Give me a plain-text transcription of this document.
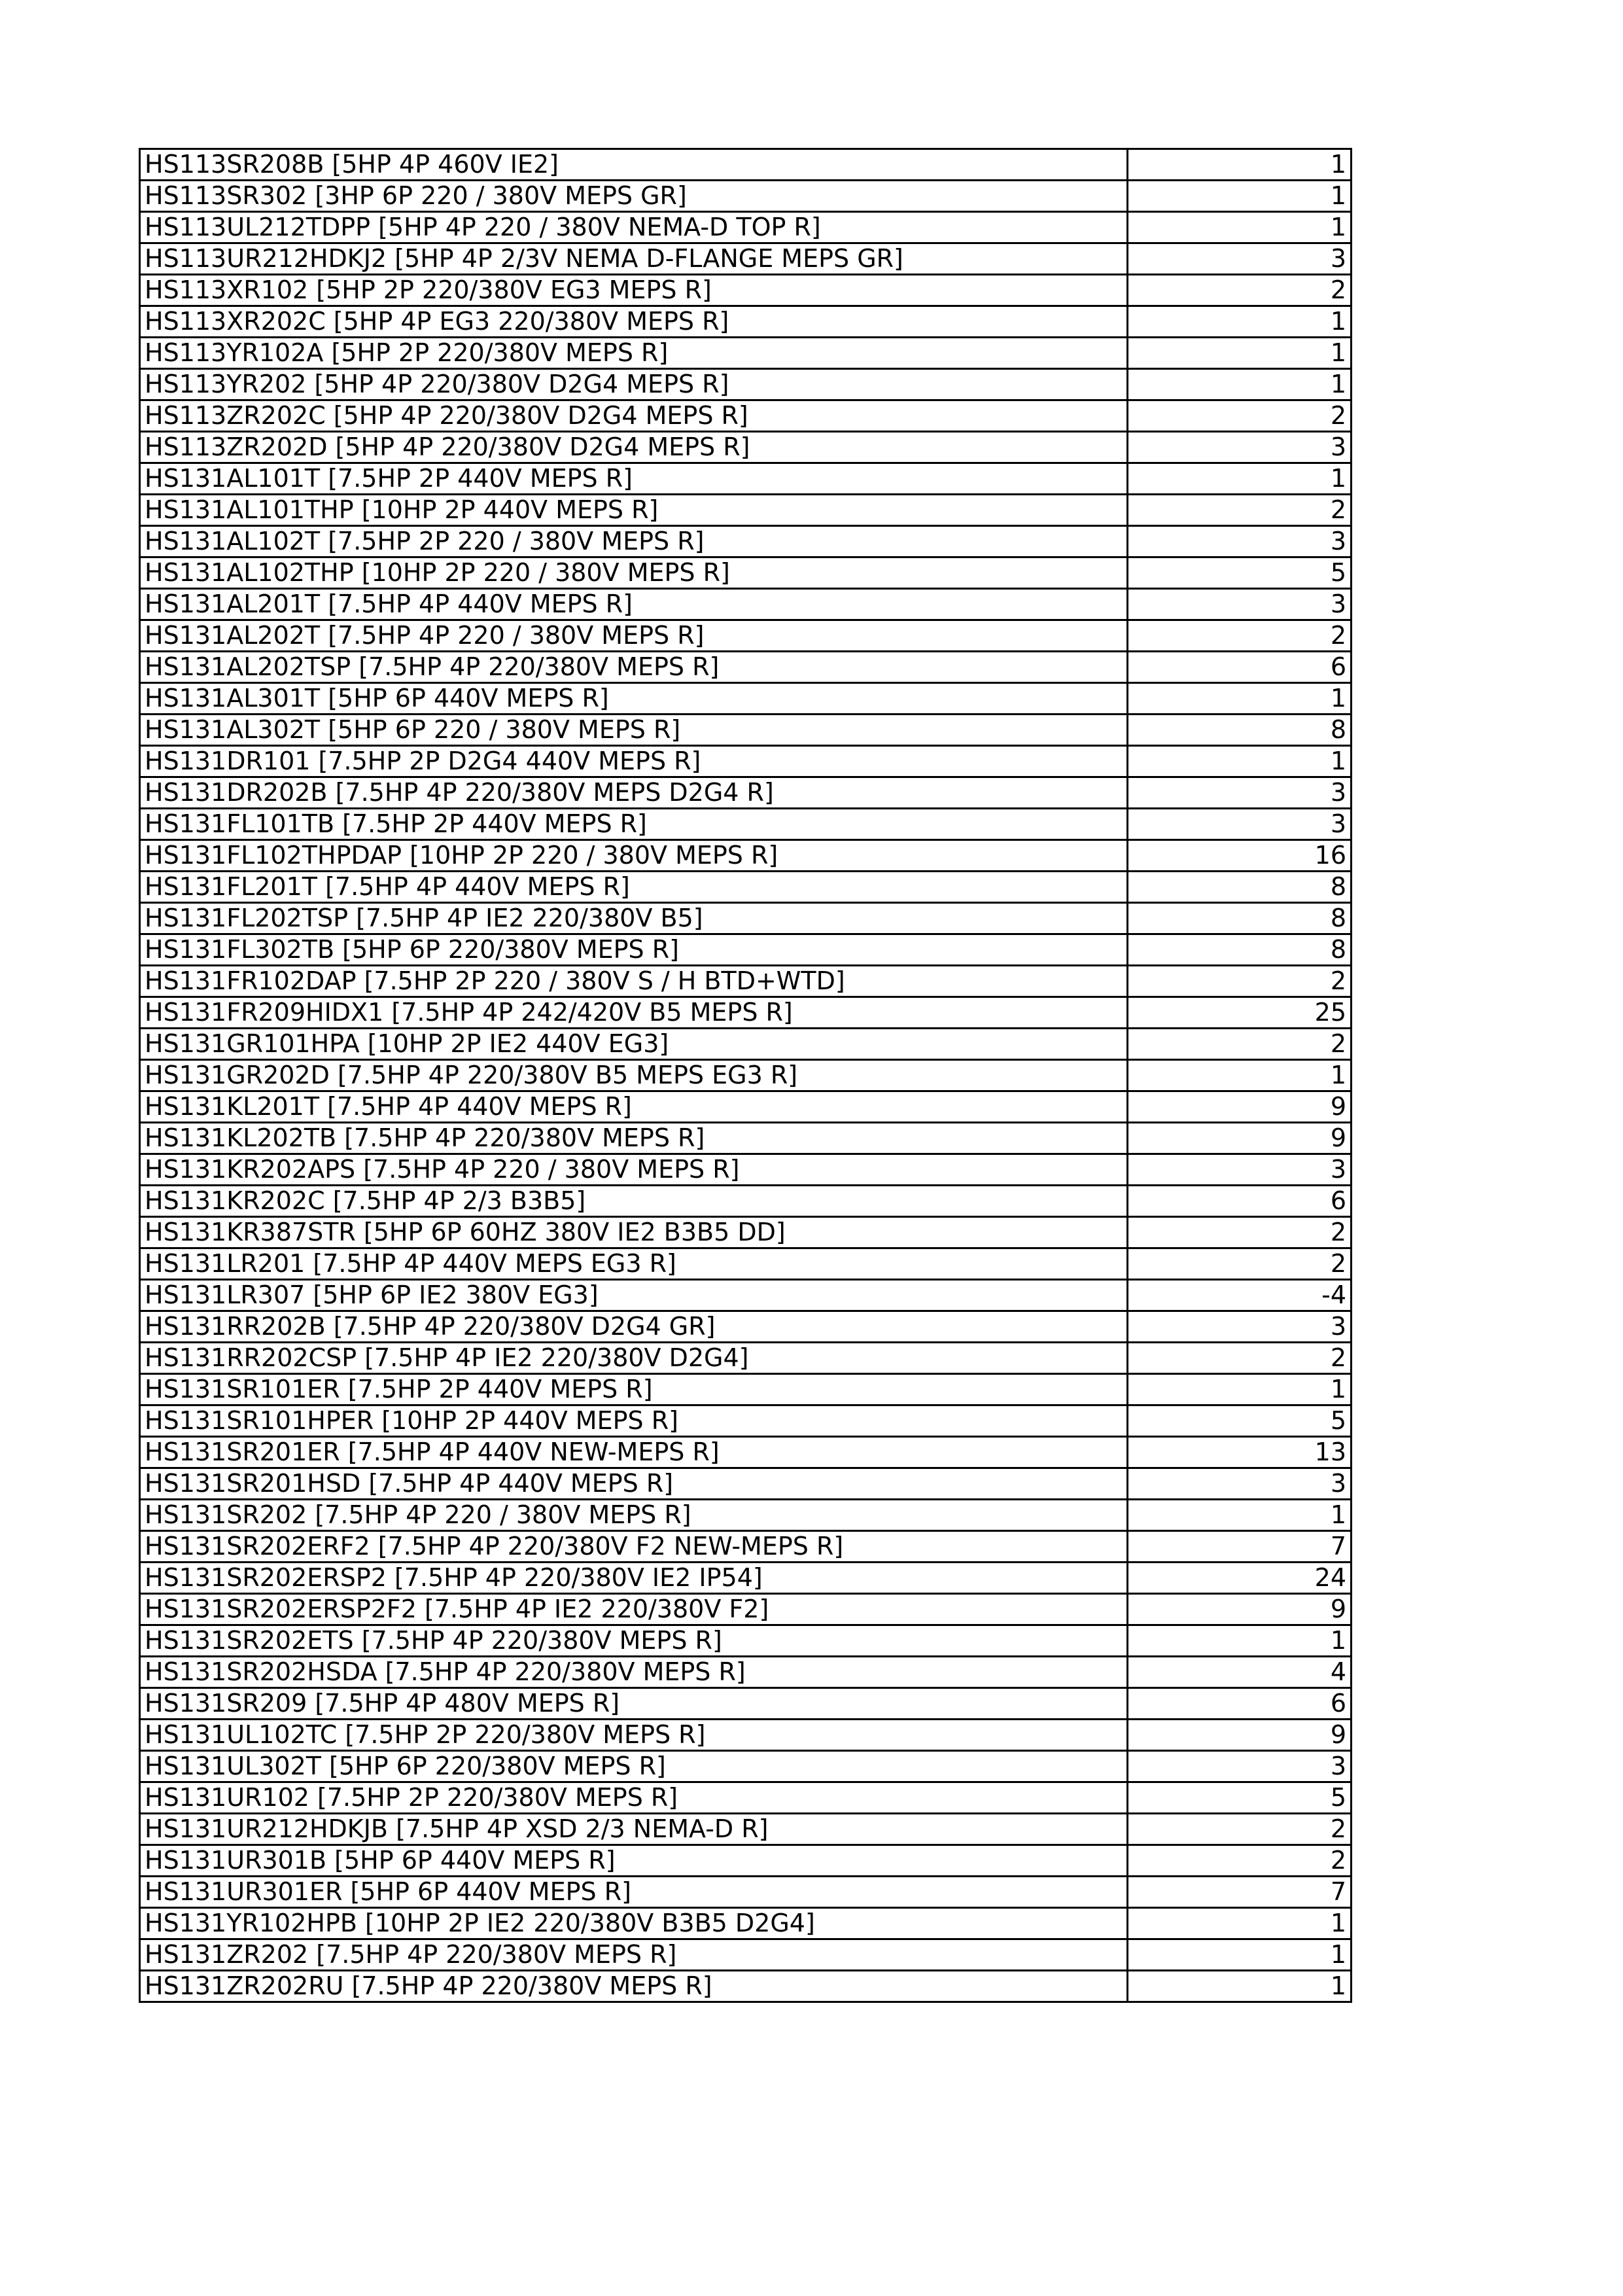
HS113SR208B [5HP 4P 460V IE2]	1
HS113SR302 [3HP 6P 220 / 380V MEPS GR]	1
HS113UL212TDPP [5HP 4P 220 / 380V NEMA-D TOP R]	1
HS113UR212HDKJ2 [5HP 4P 2/3V NEMA D-FLANGE MEPS GR]	3
HS113XR102 [5HP 2P 220/380V EG3 MEPS R]	2
HS113XR202C [5HP 4P EG3 220/380V MEPS R]	1
HS113YR102A [5HP 2P 220/380V MEPS R]	1
HS113YR202 [5HP 4P 220/380V D2G4 MEPS R]	1
HS113ZR202C [5HP 4P 220/380V D2G4 MEPS R]	2
HS113ZR202D [5HP 4P 220/380V D2G4 MEPS R]	3
HS131AL101T [7.5HP 2P 440V MEPS R]	1
HS131AL101THP [10HP 2P 440V MEPS R]	2
HS131AL102T [7.5HP 2P 220 / 380V MEPS R]	3
HS131AL102THP [10HP 2P 220 / 380V MEPS R]	5
HS131AL201T [7.5HP 4P 440V MEPS R]	3
HS131AL202T [7.5HP 4P 220 / 380V MEPS R]	2
HS131AL202TSP [7.5HP 4P 220/380V MEPS R]	6
HS131AL301T [5HP 6P 440V MEPS R]	1
HS131AL302T [5HP 6P 220 / 380V MEPS R]	8
HS131DR101 [7.5HP 2P D2G4 440V MEPS R]	1
HS131DR202B [7.5HP 4P 220/380V MEPS D2G4 R]	3
HS131FL101TB [7.5HP 2P 440V MEPS R]	3
HS131FL102THPDAP [10HP 2P 220 / 380V MEPS R]	16
HS131FL201T [7.5HP 4P 440V MEPS R]	8
HS131FL202TSP [7.5HP 4P IE2 220/380V B5]	8
HS131FL302TB [5HP 6P 220/380V MEPS R]	8
HS131FR102DAP [7.5HP 2P 220 / 380V S / H BTD+WTD]	2
HS131FR209HIDX1 [7.5HP 4P 242/420V B5 MEPS R]	25
HS131GR101HPA [10HP 2P IE2 440V EG3]	2
HS131GR202D [7.5HP 4P 220/380V B5 MEPS EG3 R]	1
HS131KL201T [7.5HP 4P 440V MEPS R]	9
HS131KL202TB [7.5HP 4P 220/380V MEPS R]	9
HS131KR202APS [7.5HP 4P 220 / 380V MEPS R]	3
HS131KR202C [7.5HP 4P 2/3 B3B5]	6
HS131KR387STR [5HP 6P 60HZ 380V IE2 B3B5 DD]	2
HS131LR201 [7.5HP 4P 440V MEPS EG3 R]	2
HS131LR307 [5HP 6P IE2 380V EG3]	-4
HS131RR202B [7.5HP 4P 220/380V D2G4 GR]	3
HS131RR202CSP [7.5HP 4P IE2 220/380V D2G4]	2
HS131SR101ER [7.5HP 2P 440V MEPS R]	1
HS131SR101HPER [10HP 2P 440V MEPS R]	5
HS131SR201ER [7.5HP 4P 440V NEW-MEPS R]	13
HS131SR201HSD [7.5HP 4P 440V MEPS R]	3
HS131SR202 [7.5HP 4P 220 / 380V MEPS R]	1
HS131SR202ERF2 [7.5HP 4P 220/380V F2 NEW-MEPS R]	7
HS131SR202ERSP2 [7.5HP 4P 220/380V IE2 IP54]	24
HS131SR202ERSP2F2 [7.5HP 4P IE2 220/380V F2]	9
HS131SR202ETS [7.5HP 4P 220/380V MEPS R]	1
HS131SR202HSDA [7.5HP 4P 220/380V MEPS R]	4
HS131SR209 [7.5HP 4P 480V MEPS R]	6
HS131UL102TC [7.5HP 2P 220/380V MEPS R]	9
HS131UL302T [5HP 6P 220/380V MEPS R]	3
HS131UR102 [7.5HP 2P 220/380V MEPS R]	5
HS131UR212HDKJB [7.5HP 4P XSD 2/3 NEMA-D R]	2
HS131UR301B [5HP 6P 440V MEPS R]	2
HS131UR301ER [5HP 6P 440V MEPS R]	7
HS131YR102HPB [10HP 2P IE2 220/380V B3B5 D2G4]	1
HS131ZR202 [7.5HP 4P 220/380V MEPS R]	1
HS131ZR202RU [7.5HP 4P 220/380V MEPS R]	1
